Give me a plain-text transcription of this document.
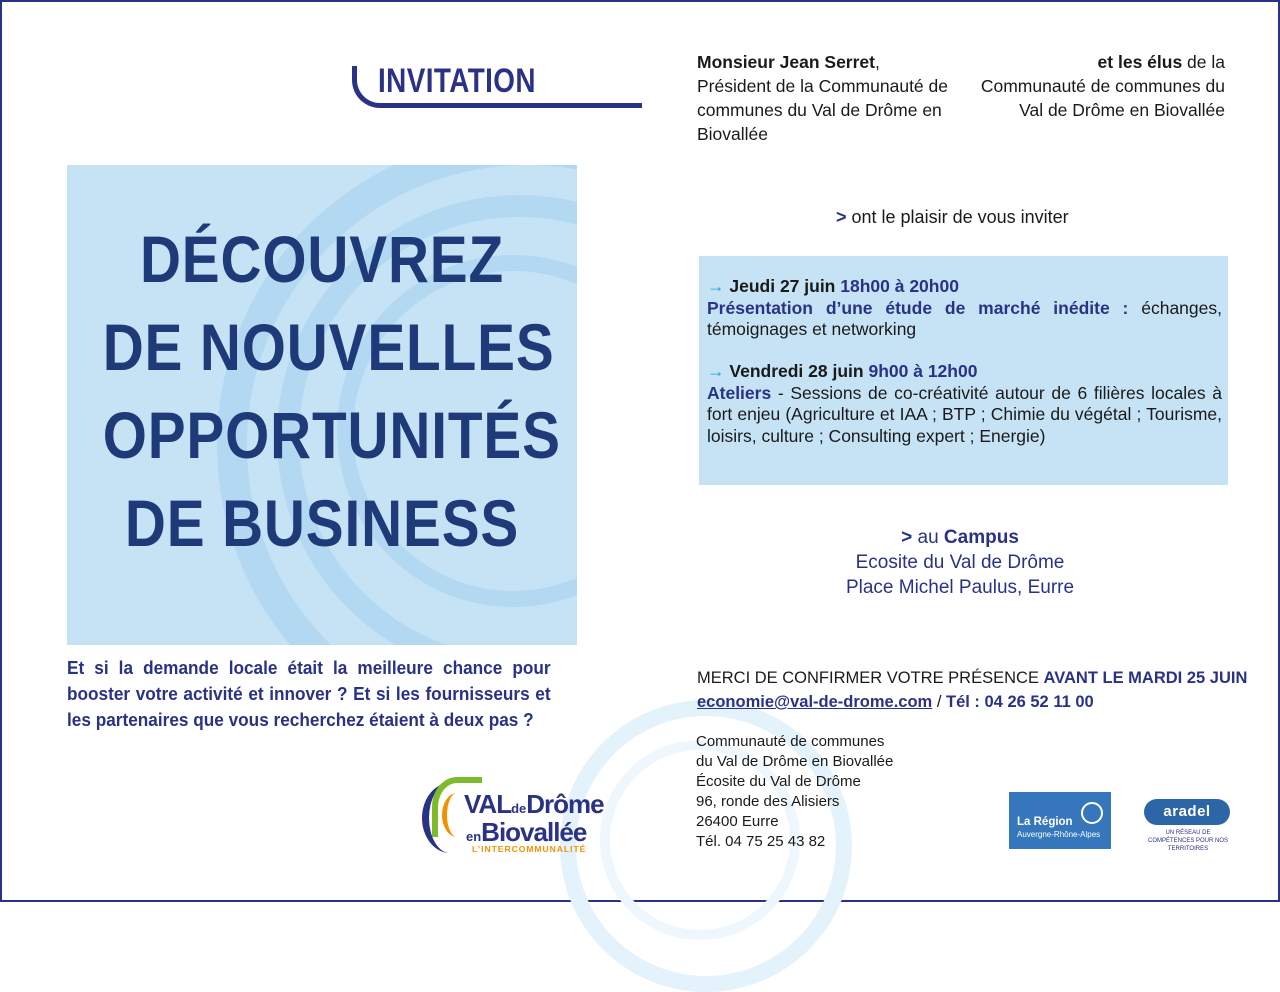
INVITATION
DÉCOUVREZ
DE NOUVELLES
OPPORTUNITÉS
DE BUSINESS
Et si la demande locale était la meilleure chance pour booster votre activité et innover ? Et si les fournisseurs et les partenaires que vous recherchez étaient à deux pas ?
VALdeDrôme
enBiovallée
L’INTERCOMMUNALITÉ
Monsieur Jean Serret,
Président de la Communauté de communes du Val de Drôme en Biovallée
et les élus de la
Communauté de communes du Val de Drôme en Biovallée
> ont le plaisir de vous inviter
→ Jeudi 27 juin 18h00 à 20h00
Présentation d’une étude de marché inédite : échanges, témoignages et networking
→ Vendredi 28 juin 9h00 à 12h00
Ateliers - Sessions de co-créativité autour de 6 filières locales à fort enjeu (Agriculture et IAA ; BTP ; Chimie du végétal ; Tourisme, loisirs, culture ; Consulting expert ; Energie)
> au Campus
Ecosite du Val de Drôme
Place Michel Paulus, Eurre
MERCI DE CONFIRMER VOTRE PRÉSENCE AVANT LE MARDI 25 JUIN
economie@val-de-drome.com / Tél : 04 26 52 11 00
Communauté de communes
du Val de Drôme en Biovallée
Écosite du Val de Drôme
96, ronde des Alisiers
26400 Eurre
Tél. 04 75 25 43 82
La Région
Auvergne-Rhône-Alpes
aradel
UN RÉSEAU DE COMPÉTENCES POUR NOS TERRITOIRES
